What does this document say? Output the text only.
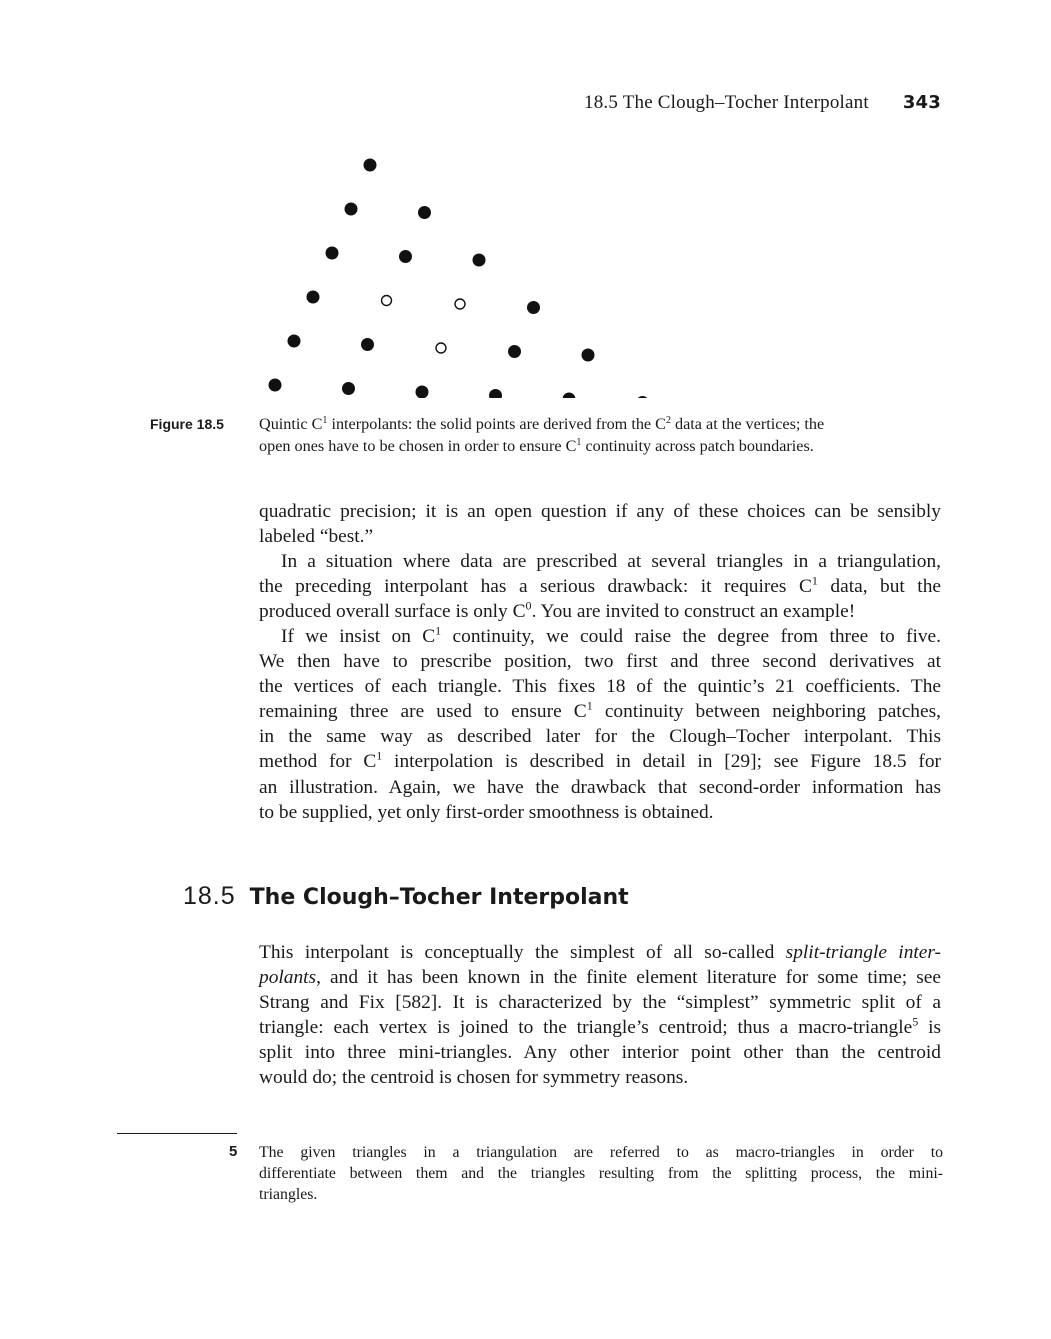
18.5 The Clough–Tocher Interpolant 343
Figure 18.5 Quintic $C^1$ interpolants: the solid points are derived from the $C^2$ data at the vertices; the
open ones have to be chosen in order to ensure $C^1$ continuity across patch boundaries.
quadratic precision; it is an open question if any of these choices can be sensibly
labeled “best.”
In a situation where data are prescribed at several triangles in a triangulation,
the preceding interpolant has a serious drawback: it requires $C^1$ data, but the
produced overall surface is only $C^0$. You are invited to construct an example!
If we insist on $C^1$ continuity, we could raise the degree from three to five.
We then have to prescribe position, two first and three second derivatives at
the vertices of each triangle. This fixes 18 of the quintic’s 21 coefficients. The
remaining three are used to ensure $C^1$ continuity between neighboring patches,
in the same way as described later for the Clough–Tocher interpolant. This
method for $C^1$ interpolation is described in detail in [29]; see Figure 18.5 for
an illustration. Again, we have the drawback that second-order information has
to be supplied, yet only first-order smoothness is obtained.
18.5 The Clough–Tocher Interpolant
This interpolant is conceptually the simplest of all so-called split-triangle inter-
polants, and it has been known in the finite element literature for some time; see
Strang and Fix [582]. It is characterized by the “simplest” symmetric split of a
triangle: each vertex is joined to the triangle’s centroid; thus a macro-triangle$^5$ is
split into three mini-triangles. Any other interior point other than the centroid
would do; the centroid is chosen for symmetry reasons.
5 The given triangles in a triangulation are referred to as macro-triangles in order to
differentiate between them and the triangles resulting from the splitting process, the mini-
triangles.
